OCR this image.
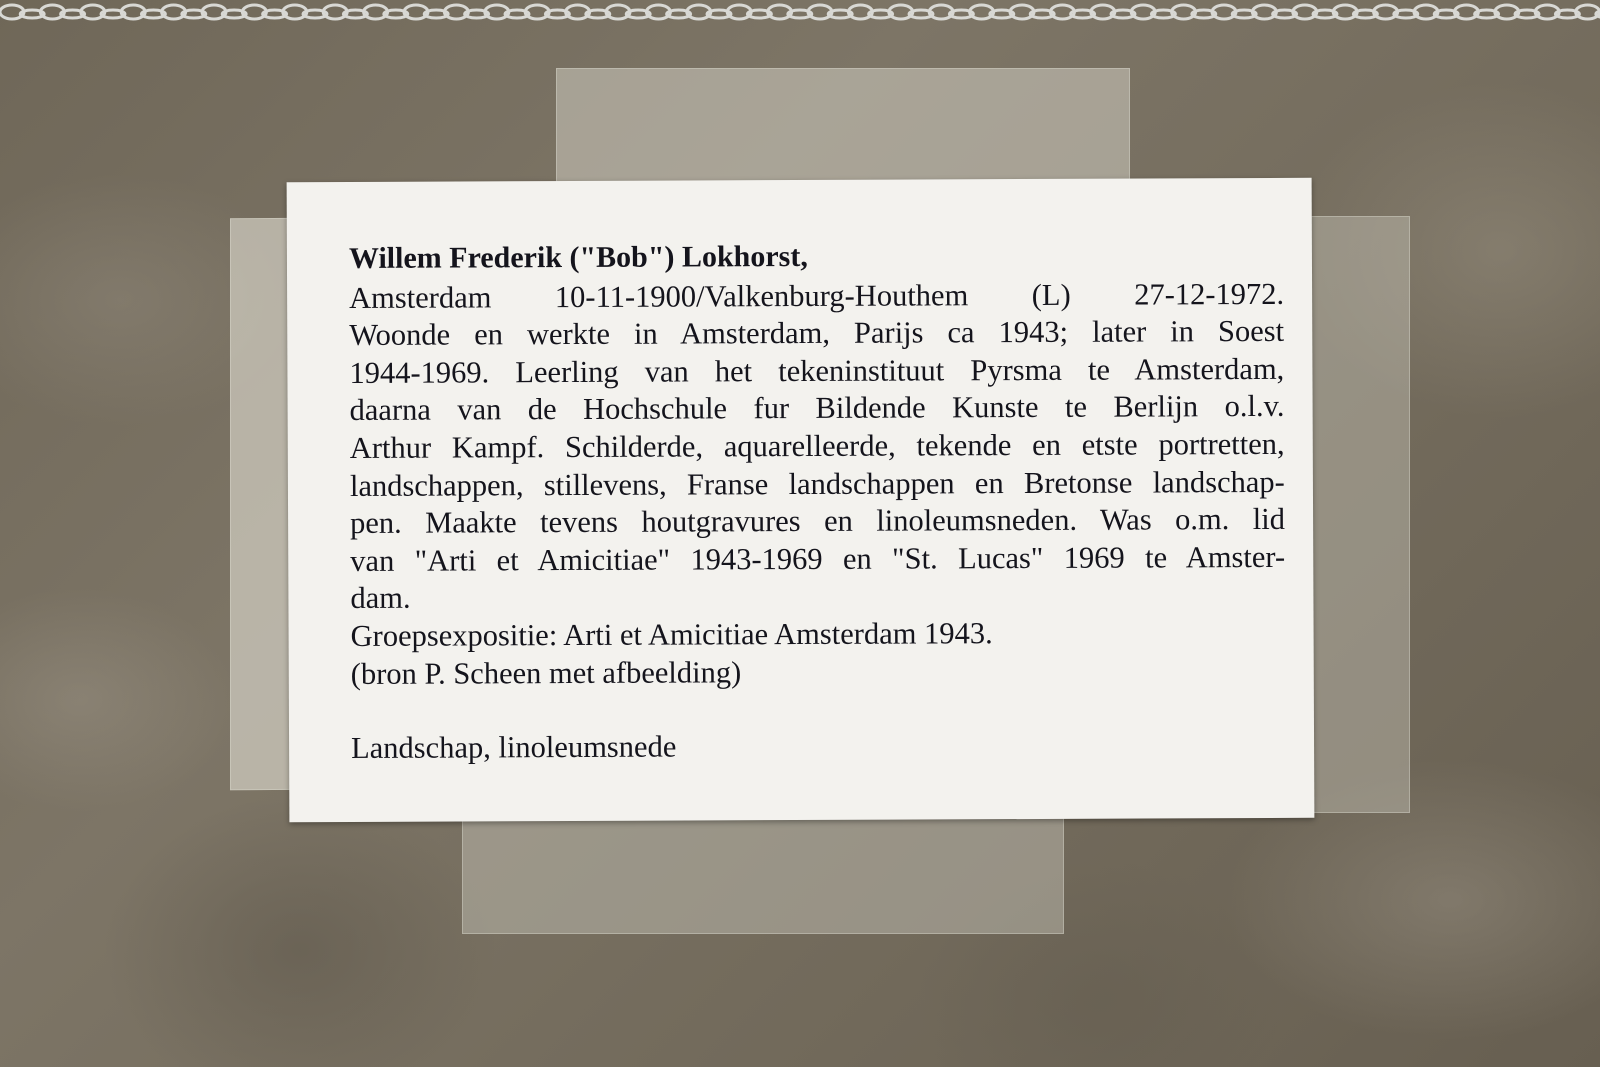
Willem Frederik ("Bob") Lokhorst,
Amsterdam 10-11-1900/Valkenburg-Houthem (L) 27-12-1972.
Woonde en werkte in Amsterdam, Parijs ca 1943; later in Soest
1944-1969. Leerling van het tekeninstituut Pyrsma te Amsterdam,
daarna van de Hochschule fur Bildende Kunste te Berlijn o.l.v.
Arthur Kampf. Schilderde, aquarelleerde, tekende en etste portretten,
landschappen, stillevens, Franse landschappen en Bretonse landschap-
pen. Maakte tevens houtgravures en linoleumsneden. Was o.m. lid
van "Arti et Amicitiae" 1943-1969 en "St. Lucas" 1969 te Amster-
dam.
Groepsexpositie: Arti et Amicitiae Amsterdam 1943.
(bron P. Scheen met afbeelding)
Landschap, linoleumsnede
